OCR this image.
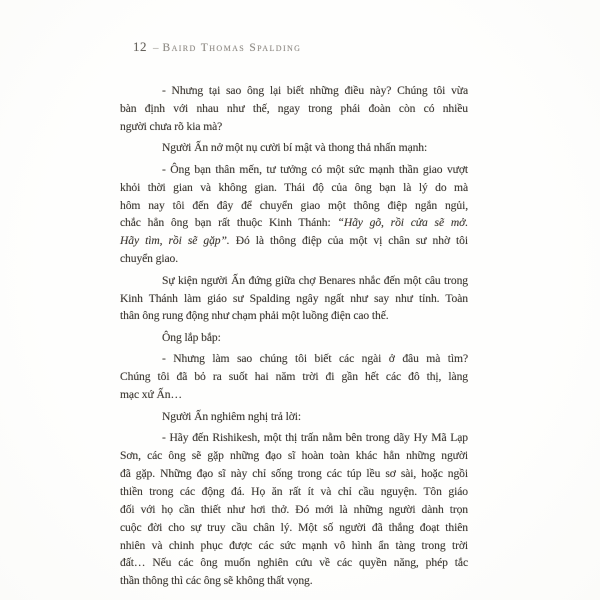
12 – Baird Thomas Spalding
- Nhưng tại sao ông lại biết những điều này? Chúng tôi vừa
bàn định với nhau như thế, ngay trong phái đoàn còn có nhiều
người chưa rõ kia mà?
Người Ấn nở một nụ cười bí mật và thong thả nhấn mạnh:
- Ông bạn thân mến, tư tưởng có một sức mạnh thần giao vượt
khỏi thời gian và không gian. Thái độ của ông bạn là lý do mà
hôm nay tôi đến đây để chuyển giao một thông điệp ngắn ngủi,
chắc hẳn ông bạn rất thuộc Kinh Thánh: “Hãy gõ, rồi cửa sẽ mở.
Hãy tìm, rồi sẽ gặp”. Đó là thông điệp của một vị chân sư nhờ tôi
chuyển giao.
Sự kiện người Ấn đứng giữa chợ Benares nhắc đến một câu trong
Kinh Thánh làm giáo sư Spalding ngây ngất như say như tỉnh. Toàn
thân ông rung động như chạm phải một luồng điện cao thế.
Ông lắp bắp:
- Nhưng làm sao chúng tôi biết các ngài ở đâu mà tìm?
Chúng tôi đã bỏ ra suốt hai năm trời đi gần hết các đô thị, làng
mạc xứ Ấn…
Người Ấn nghiêm nghị trả lời:
- Hãy đến Rishikesh, một thị trấn nằm bên trong dãy Hy Mã Lạp
Sơn, các ông sẽ gặp những đạo sĩ hoàn toàn khác hẳn những người
đã gặp. Những đạo sĩ này chỉ sống trong các túp lều sơ sài, hoặc ngồi
thiền trong các động đá. Họ ăn rất ít và chỉ cầu nguyện. Tôn giáo
đối với họ cần thiết như hơi thở. Đó mới là những người dành trọn
cuộc đời cho sự truy cầu chân lý. Một số người đã thắng đoạt thiên
nhiên và chinh phục được các sức mạnh vô hình ẩn tàng trong trời
đất… Nếu các ông muốn nghiên cứu về các quyền năng, phép tắc
thần thông thì các ông sẽ không thất vọng.
